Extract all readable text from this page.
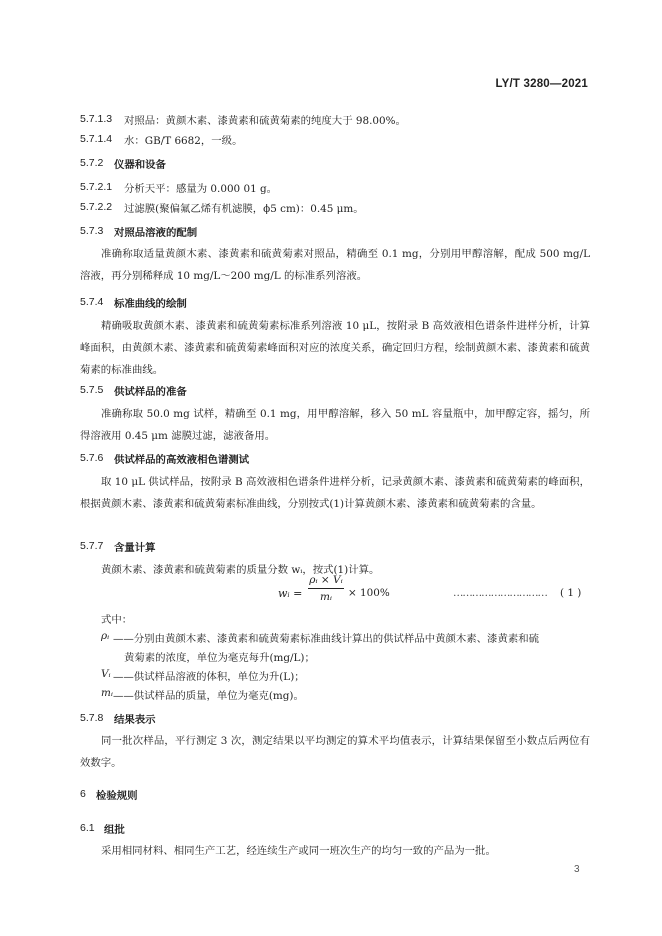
LY/T 3280—2021
5.7.1.3 对照品：黄颜木素、漆黄素和硫黄菊素的纯度大于 98.00%。
5.7.1.4 水：GB/T 6682，一级。
5.7.2 仪器和设备
5.7.2.1 分析天平：感量为 0.000 01 g。
5.7.2.2 过滤膜(聚偏氟乙烯有机滤膜，ϕ5 cm)：0.45 μm。
5.7.3 对照品溶液的配制
准确称取适量黄颜木素、漆黄素和硫黄菊素对照品，精确至 0.1 mg，分别用甲醇溶解，配成 500 mg/L 溶液，再分别稀释成 10 mg/L～200 mg/L 的标准系列溶液。
5.7.4 标准曲线的绘制
精确吸取黄颜木素、漆黄素和硫黄菊素标准系列溶液 10 μL，按附录 B 高效液相色谱条件进样分析，计算峰面积，由黄颜木素、漆黄素和硫黄菊素峰面积对应的浓度关系，确定回归方程，绘制黄颜木素、漆黄素和硫黄菊素的标准曲线。
5.7.5 供试样品的准备
准确称取 50.0 mg 试样，精确至 0.1 mg，用甲醇溶解，移入 50 mL 容量瓶中，加甲醇定容，摇匀，所得溶液用 0.45 μm 滤膜过滤，滤液备用。
5.7.6 供试样品的高效液相色谱测试
取 10 μL 供试样品，按附录 B 高效液相色谱条件进样分析，记录黄颜木素、漆黄素和硫黄菊素的峰面积，根据黄颜木素、漆黄素和硫黄菊素标准曲线，分别按式(1)计算黄颜木素、漆黄素和硫黄菊素的含量。
5.7.7 含量计算
黄颜木素、漆黄素和硫黄菊素的质量分数 wᵢ，按式(1)计算。
wᵢ =
ρᵢ × Vᵢ
mᵢ	× 100%	………………………… ( 1 )
式中：
ρᵢ ——分别由黄颜木素、漆黄素和硫黄菊素标准曲线计算出的供试样品中黄颜木素、漆黄素和硫
黄菊素的浓度，单位为毫克每升(mg/L)；
Vᵢ ——供试样品溶液的体积，单位为升(L)；
mᵢ ——供试样品的质量，单位为毫克(mg)。
5.7.8 结果表示
同一批次样品，平行测定 3 次，测定结果以平均测定的算术平均值表示，计算结果保留至小数点后两位有效数字。
6 检验规则
6.1 组批
采用相同材料、相同生产工艺，经连续生产或同一班次生产的均匀一致的产品为一批。
3
